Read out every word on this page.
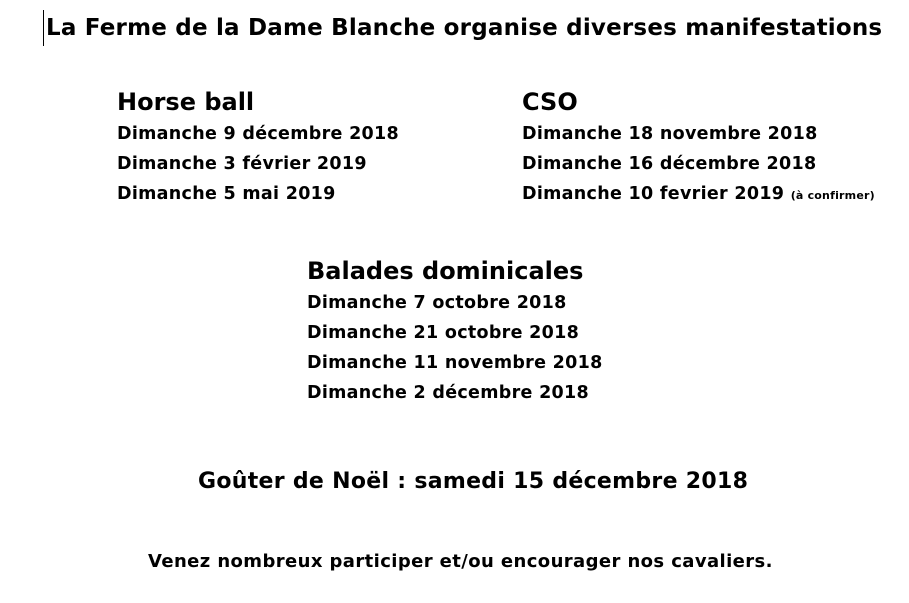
La Ferme de la Dame Blanche organise diverses manifestations
Horse ball
Dimanche 9 décembre 2018
Dimanche 3 février 2019
Dimanche 5 mai 2019
CSO
Dimanche 18 novembre 2018
Dimanche 16 décembre 2018
Dimanche 10 fevrier 2019 (à confirmer)
Balades dominicales
Dimanche 7 octobre 2018
Dimanche 21 octobre 2018
Dimanche 11 novembre 2018
Dimanche 2 décembre 2018
Goûter de Noël : samedi 15 décembre 2018
Venez nombreux participer et/ou encourager nos cavaliers.
